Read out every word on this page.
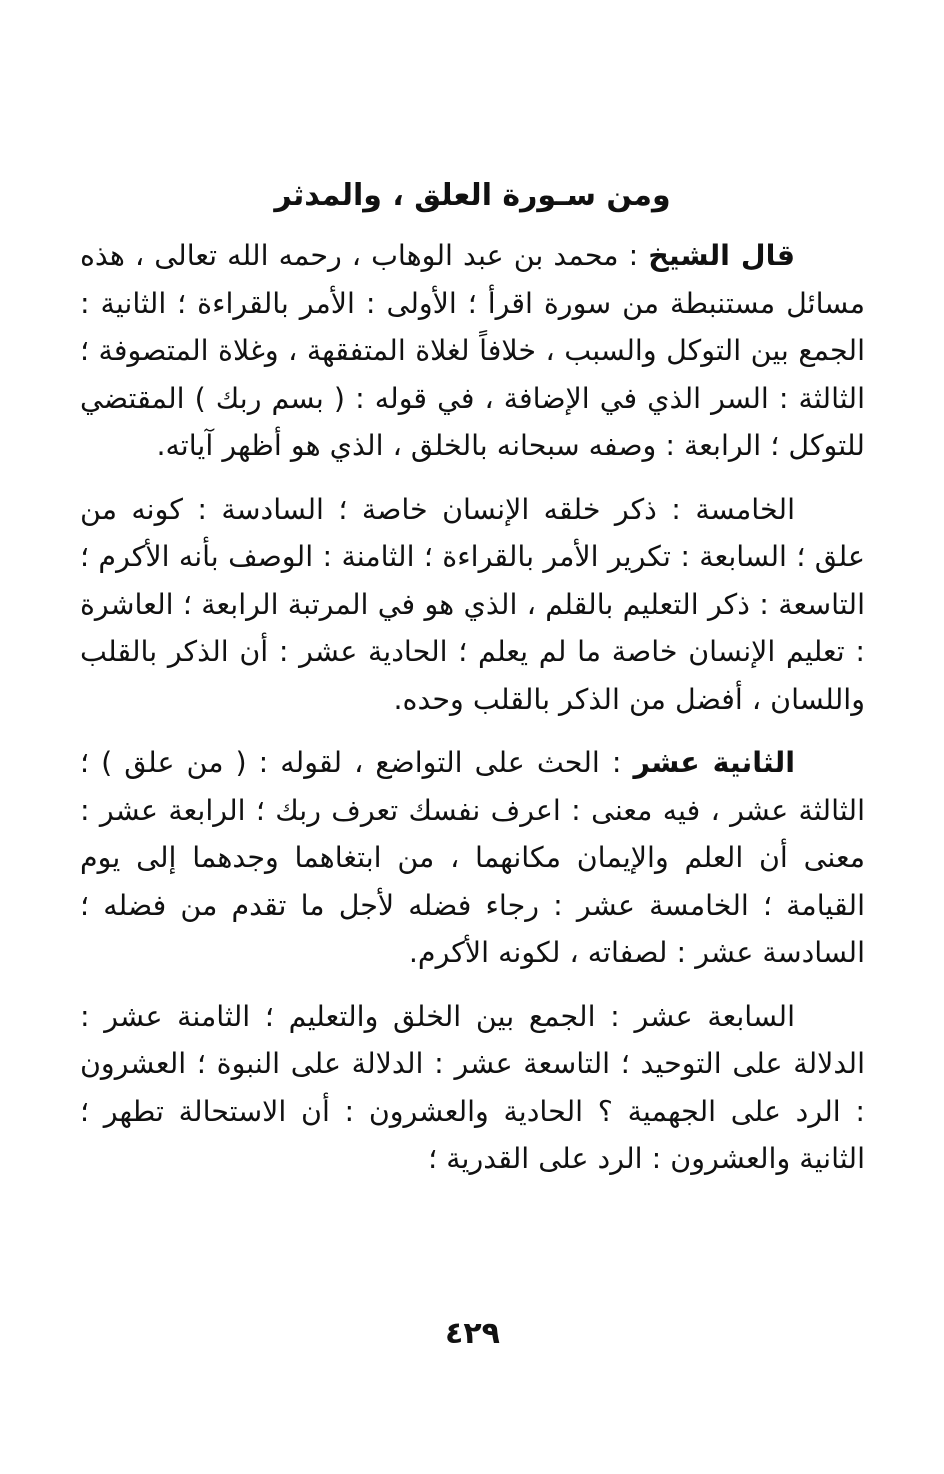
ومن سـورة العلق ، والمدثر

قال الشيخ : محمد بن عبد الوهاب ، رحمه الله تعالى ، هذه مسائل مستنبطة من سورة اقرأ ؛ الأولى : الأمر بالقراءة ؛ الثانية : الجمع بين التوكل والسبب ، خلافاً لغلاة المتفقهة ، وغلاة المتصوفة ؛ الثالثة : السر الذي في الإضافة ، في قوله : ( بسم ربك ) المقتضي للتوكل ؛ الرابعة : وصفه سبحانه بالخلق ، الذي هو أظهر آياته.

الخامسة : ذكر خلقه الإنسان خاصة ؛ السادسة : كونه من علق ؛ السابعة : تكرير الأمر بالقراءة ؛ الثامنة : الوصف بأنه الأكرم ؛ التاسعة : ذكر التعليم بالقلم ، الذي هو في المرتبة الرابعة ؛ العاشرة : تعليم الإنسان خاصة ما لم يعلم ؛ الحادية عشر : أن الذكر بالقلب واللسان ، أفضل من الذكر بالقلب وحده.

الثانية عشر : الحث على التواضع ، لقوله : ( من علق ) ؛ الثالثة عشر ، فيه معنى : اعرف نفسك تعرف ربك ؛ الرابعة عشر : معنى أن العلم والإيمان مكانهما ، من ابتغاهما وجدهما إلى يوم القيامة ؛ الخامسة عشر : رجاء فضله لأجل ما تقدم من فضله ؛ السادسة عشر : لصفاته ، لكونه الأكرم.

السابعة عشر : الجمع بين الخلق والتعليم ؛ الثامنة عشر : الدلالة على التوحيد ؛ التاسعة عشر : الدلالة على النبوة ؛ العشرون : الرد على الجهمية ؟ الحادية والعشرون : أن الاستحالة تطهر ؛ الثانية والعشرون : الرد على القدرية ؛

٤٢٩
